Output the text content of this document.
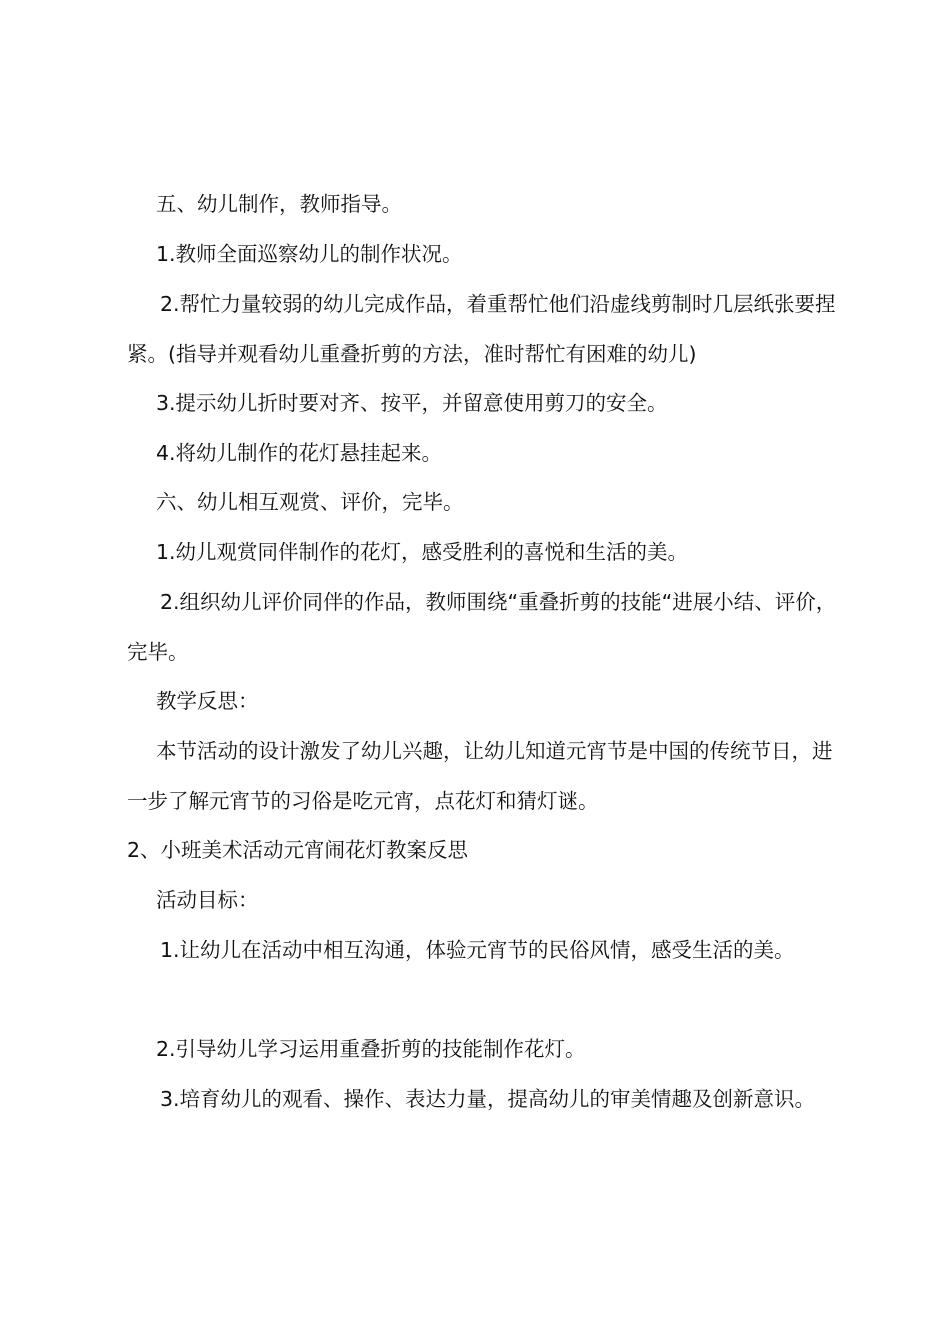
五、幼儿制作，教师指导。

1.教师全面巡察幼儿的制作状况。

2.帮忙力量较弱的幼儿完成作品，着重帮忙他们沿虚线剪制时几层纸张要捏紧。(指导并观看幼儿重叠折剪的方法，准时帮忙有困难的幼儿)

3.提示幼儿折时要对齐、按平，并留意使用剪刀的安全。

4.将幼儿制作的花灯悬挂起来。

六、幼儿相互观赏、评价，完毕。

1.幼儿观赏同伴制作的花灯，感受胜利的喜悦和生活的美。

2.组织幼儿评价同伴的作品，教师围绕“重叠折剪的技能“进展小结、评价，完毕。

教学反思：

本节活动的设计激发了幼儿兴趣，让幼儿知道元宵节是中国的传统节日，进一步了解元宵节的习俗是吃元宵，点花灯和猜灯谜。

2、小班美术活动元宵闹花灯教案反思

活动目标：

1.让幼儿在活动中相互沟通，体验元宵节的民俗风情，感受生活的美。

2.引导幼儿学习运用重叠折剪的技能制作花灯。

3.培育幼儿的观看、操作、表达力量，提高幼儿的审美情趣及创新意识。
